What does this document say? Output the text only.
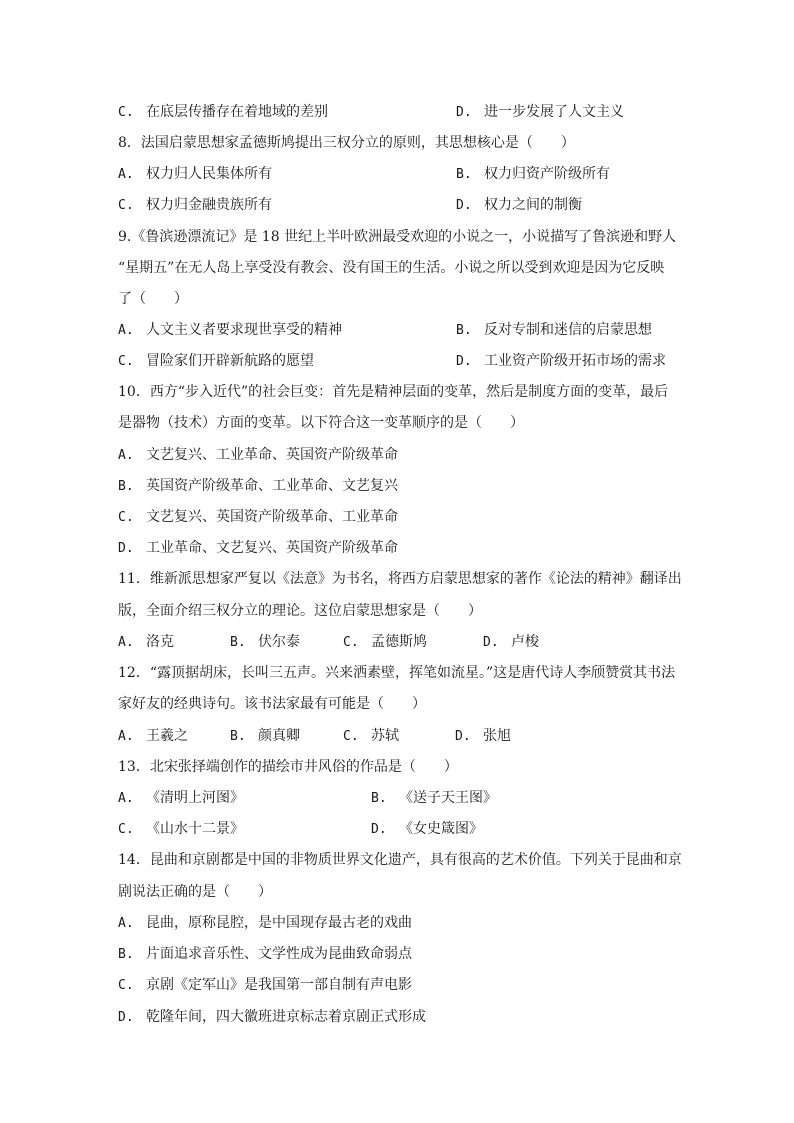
C. 在底层传播存在着地域的差别	D. 进一步发展了人文主义
8．法国启蒙思想家孟德斯鸠提出三权分立的原则，其思想核心是（　　）
A. 权力归人民集体所有	B. 权力归资产阶级所有
C. 权力归金融贵族所有	D. 权力之间的制衡
9.《鲁滨逊漂流记》是 18 世纪上半叶欧洲最受欢迎的小说之一，小说描写了鲁滨逊和野人
“星期五”在无人岛上享受没有教会、没有国王的生活。小说之所以受到欢迎是因为它反映
了（　　）
A. 人文主义者要求现世享受的精神	B. 反对专制和迷信的启蒙思想
C. 冒险家们开辟新航路的愿望	D. 工业资产阶级开拓市场的需求
10．西方“步入近代”的社会巨变：首先是精神层面的变革，然后是制度方面的变革，最后
是器物（技术）方面的变革。以下符合这一变革顺序的是（　　）
A. 文艺复兴、工业革命、英国资产阶级革命
B. 英国资产阶级革命、工业革命、文艺复兴
C. 文艺复兴、英国资产阶级革命、工业革命
D. 工业革命、文艺复兴、英国资产阶级革命
11．维新派思想家严复以《法意》为书名，将西方启蒙思想家的著作《论法的精神》翻译出
版，全面介绍三权分立的理论。这位启蒙思想家是（　　）
A. 洛克	B. 伏尔泰	C. 孟德斯鸠	D. 卢梭
12．“露顶据胡床，长叫三五声。兴来洒素壁，挥笔如流星。”这是唐代诗人李颀赞赏其书法
家好友的经典诗句。该书法家最有可能是（　　）
A. 王羲之	B. 颜真卿	C. 苏轼	D. 张旭
13．北宋张择端创作的描绘市井风俗的作品是（　　）
A. 《清明上河图》	B. 《送子天王图》
C. 《山水十二景》	D. 《女史箴图》
14．昆曲和京剧都是中国的非物质世界文化遗产，具有很高的艺术价值。下列关于昆曲和京
剧说法正确的是（　　）
A. 昆曲，原称昆腔，是中国现存最古老的戏曲
B. 片面追求音乐性、文学性成为昆曲致命弱点
C. 京剧《定军山》是我国第一部自制有声电影
D. 乾隆年间，四大徽班进京标志着京剧正式形成
